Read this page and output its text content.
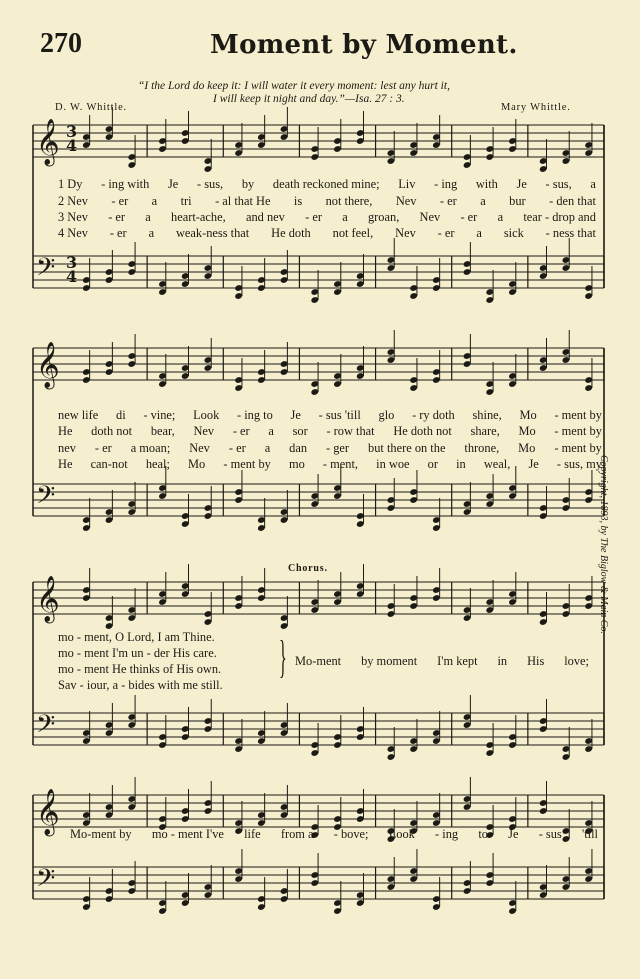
270	Moment by Moment.
“I the Lord do keep it: I will water it every moment: lest any hurt it,
I will keep it night and day.”—Isa. 27 : 3.
D. W. Whittle.	Mary Whittle.
𝄞
𝄢
𝄞
𝄢
𝄞
𝄢
𝄞
𝄢
3
3
4
4
1 Dy - ing with Je - sus, by death reckoned mine; Liv - ing with Je - sus, a
2 Nev - er a tri - al that He is not there, Nev - er a bur - den that
3 Nev - er a heart-ache, and nev - er a groan, Nev - er a tear - drop and
4 Nev - er a weak-ness that He doth not feel, Nev - er a sick - ness that
new life di - vine; Look - ing to Je - sus 'till glo - ry doth shine, Mo - ment by
He doth not bear, Nev - er a sor - row that He doth not share, Mo - ment by
nev - er a moan; Nev - er a dan - ger but there on the throne, Mo - ment by
He can-not heal; Mo - ment by mo - ment, in woe or in weal, Je - sus, my
Chorus.
mo - ment, O Lord, I am Thine.
mo - ment I'm un - der His care.
mo - ment He thinks of His own.
Sav - iour, a - bides with me still.
} Mo-ment by moment I'm kept in His love;
Mo-ment by mo - ment I've life from a - bove; Look - ing to Je - sus 'till
Copyright, 1893, by The Biglow & Main Co.
